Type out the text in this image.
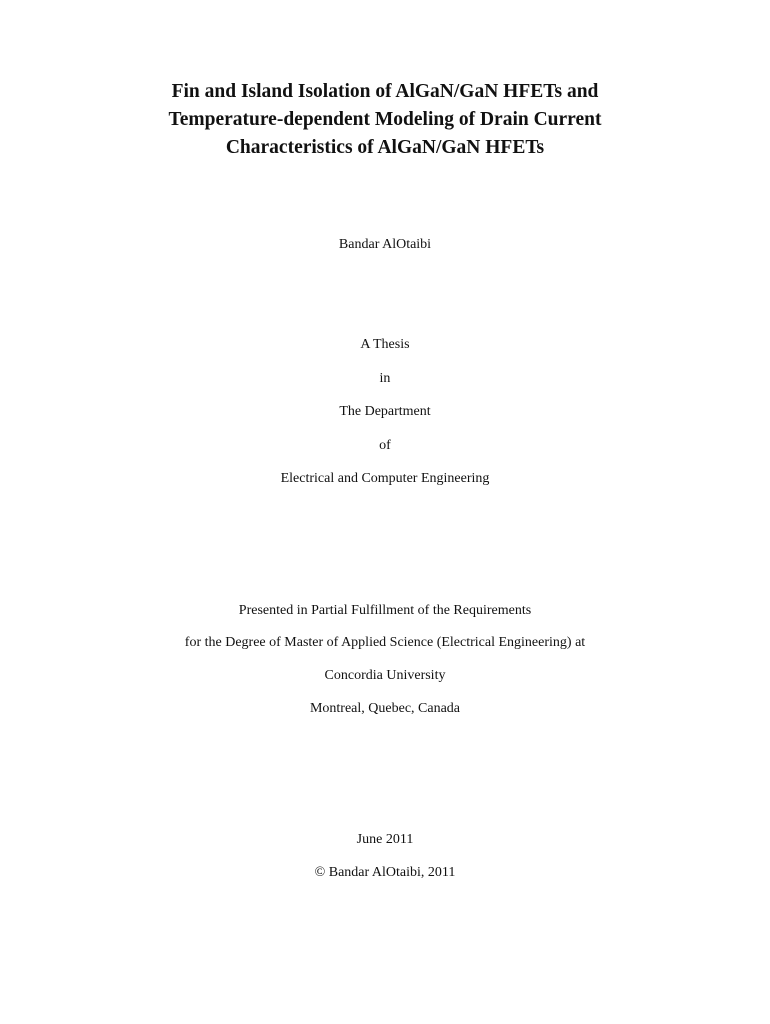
Fin and Island Isolation of AlGaN/GaN HFETs and
Temperature-dependent Modeling of Drain Current
Characteristics of AlGaN/GaN HFETs
Bandar AlOtaibi
A Thesis
in
The Department
of
Electrical and Computer Engineering
Presented in Partial Fulfillment of the Requirements
for the Degree of Master of Applied Science (Electrical Engineering) at
Concordia University
Montreal, Quebec, Canada
June 2011
© Bandar AlOtaibi, 2011
